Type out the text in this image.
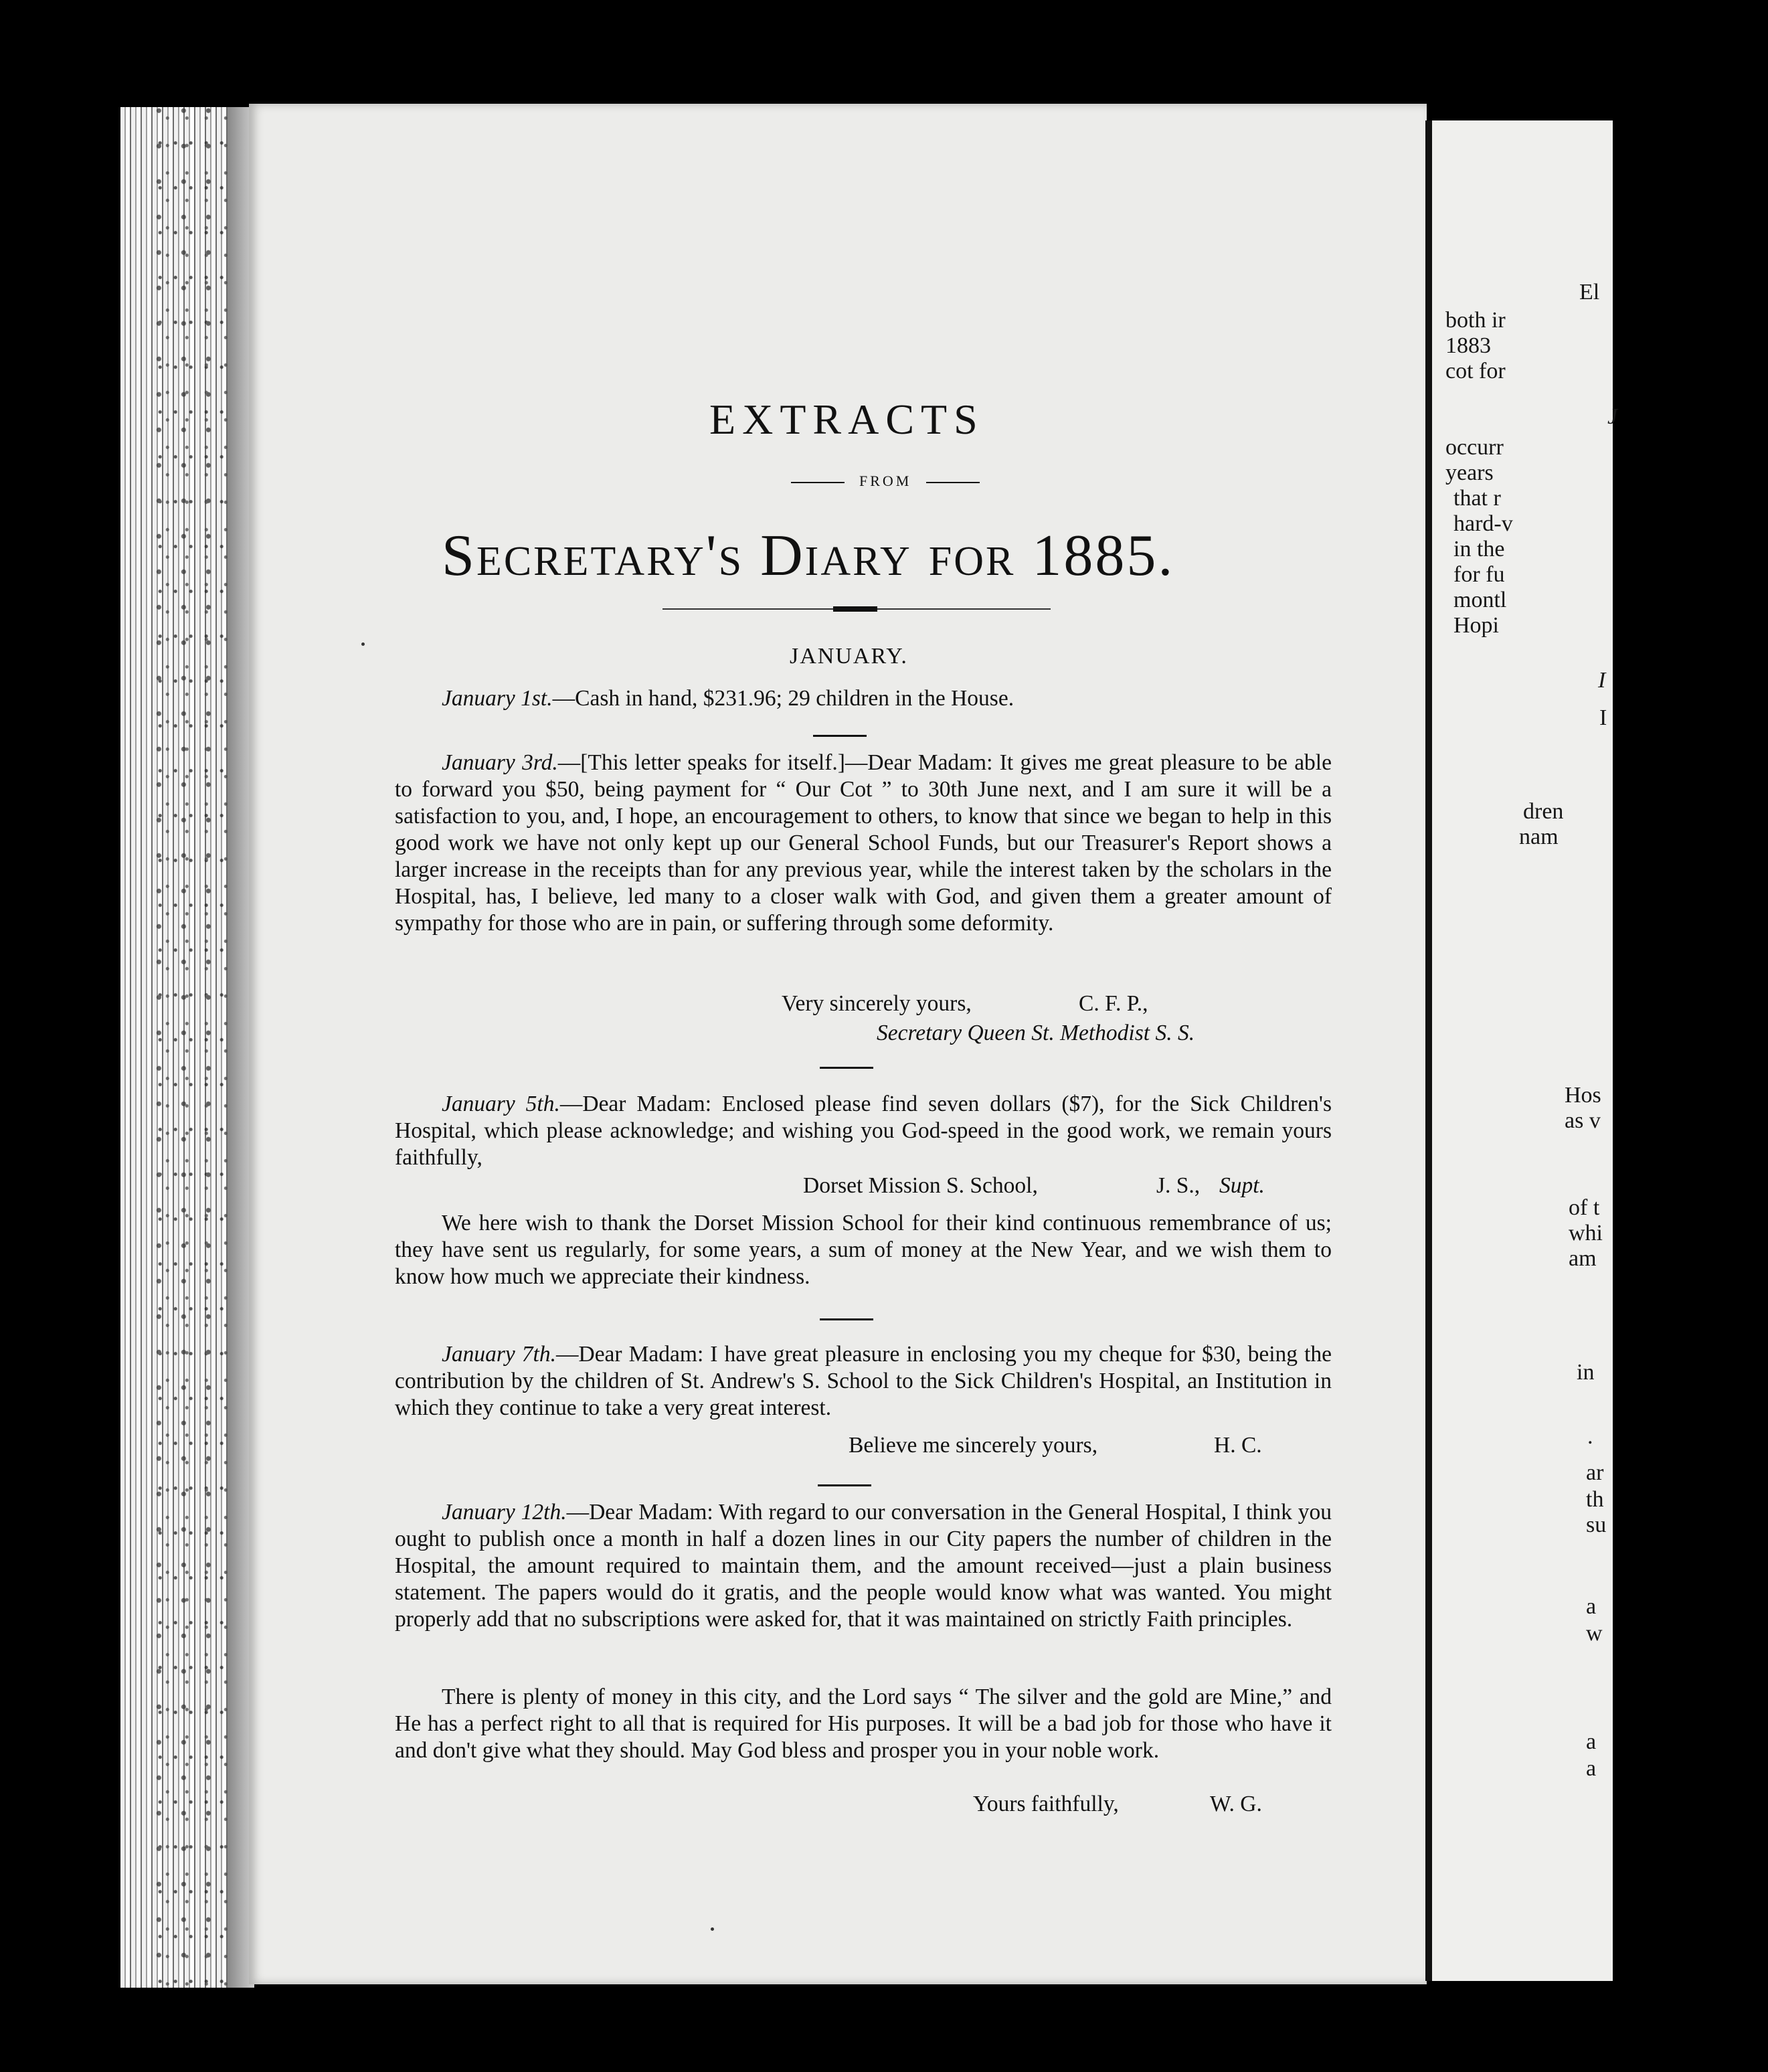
El
both ir
1883
cot for
J
occurr
years
that r
hard-v
in the
for fu
montl
Hopi
I
I
dren
nam
Hos
as v
of t
whi
am
in
.
ar
th
su
a
w
a
a
EXTRACTS
FROM
Secretary's Diary for 1885.
JANUARY.
January 1st.—Cash in hand, $231.96; 29 children in the House.
January 3rd.—[This letter speaks for itself.]—Dear Madam: It gives me great pleasure to be able to forward you $50, being payment for “ Our Cot ” to 30th June next, and I am sure it will be a satisfaction to you, and, I hope, an encouragement to others, to know that since we began to help in this good work we have not only kept up our General School Funds, but our Treasurer's Report shows a larger increase in the receipts than for any previous year, while the interest taken by the scholars in the Hospital, has, I believe, led many to a closer walk with God, and given them a greater amount of sympathy for those who are in pain, or suffering through some deformity.
Very sincerely yours,	C. F. P.,
Secretary Queen St. Methodist S. S.
January 5th.—Dear Madam: Enclosed please find seven dollars ($7), for the Sick Children's Hospital, which please acknowledge; and wishing you God-speed in the good work, we remain yours faithfully,
Dorset Mission S. School,	J. S., Supt.
We here wish to thank the Dorset Mission School for their kind continuous remembrance of us; they have sent us regularly, for some years, a sum of money at the New Year, and we wish them to know how much we appreciate their kindness.
January 7th.—Dear Madam: I have great pleasure in enclosing you my cheque for $30, being the contribution by the children of St. Andrew's S. School to the Sick Children's Hospital, an Institution in which they continue to take a very great interest.
Believe me sincerely yours,	H. C.
January 12th.—Dear Madam: With regard to our conversation in the General Hospital, I think you ought to publish once a month in half a dozen lines in our City papers the number of children in the Hospital, the amount required to maintain them, and the amount received—just a plain business statement. The papers would do it gratis, and the people would know what was wanted. You might properly add that no subscriptions were asked for, that it was maintained on strictly Faith principles.
There is plenty of money in this city, and the Lord says “ The silver and the gold are Mine,” and He has a perfect right to all that is required for His purposes. It will be a bad job for those who have it and don't give what they should. May God bless and prosper you in your noble work.
Yours faithfully,	W. G.
